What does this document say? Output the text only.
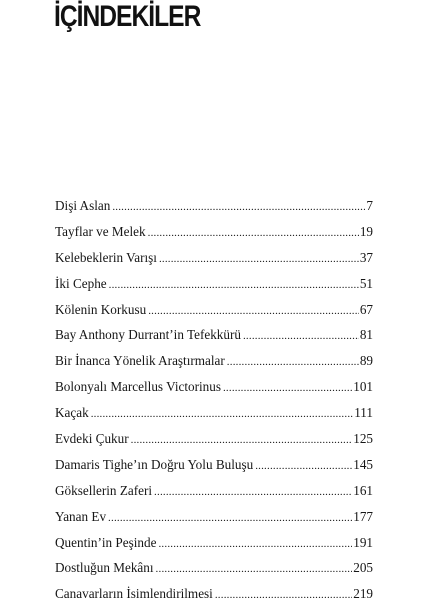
İÇİNDEKİLER
Dişi Aslan .....	7
Tayflar ve Melek .....	19
Kelebeklerin Varışı .....	37
İki Cephe .....	51
Kölenin Korkusu .....	67
Bay Anthony Durrant’in Tefekkürü .....	81
Bir İnanca Yönelik Araştırmalar .....	89
Bolonyalı Marcellus Victorinus .....	101
Kaçak .....	111
Evdeki Çukur .....	125
Damaris Tighe’ın Doğru Yolu Buluşu .....	145
Göksellerin Zaferi .....	161
Yanan Ev .....	177
Quentin’in Peşinde .....	191
Dostluğun Mekânı .....	205
Canavarların İsimlendirilmesi .....	219
